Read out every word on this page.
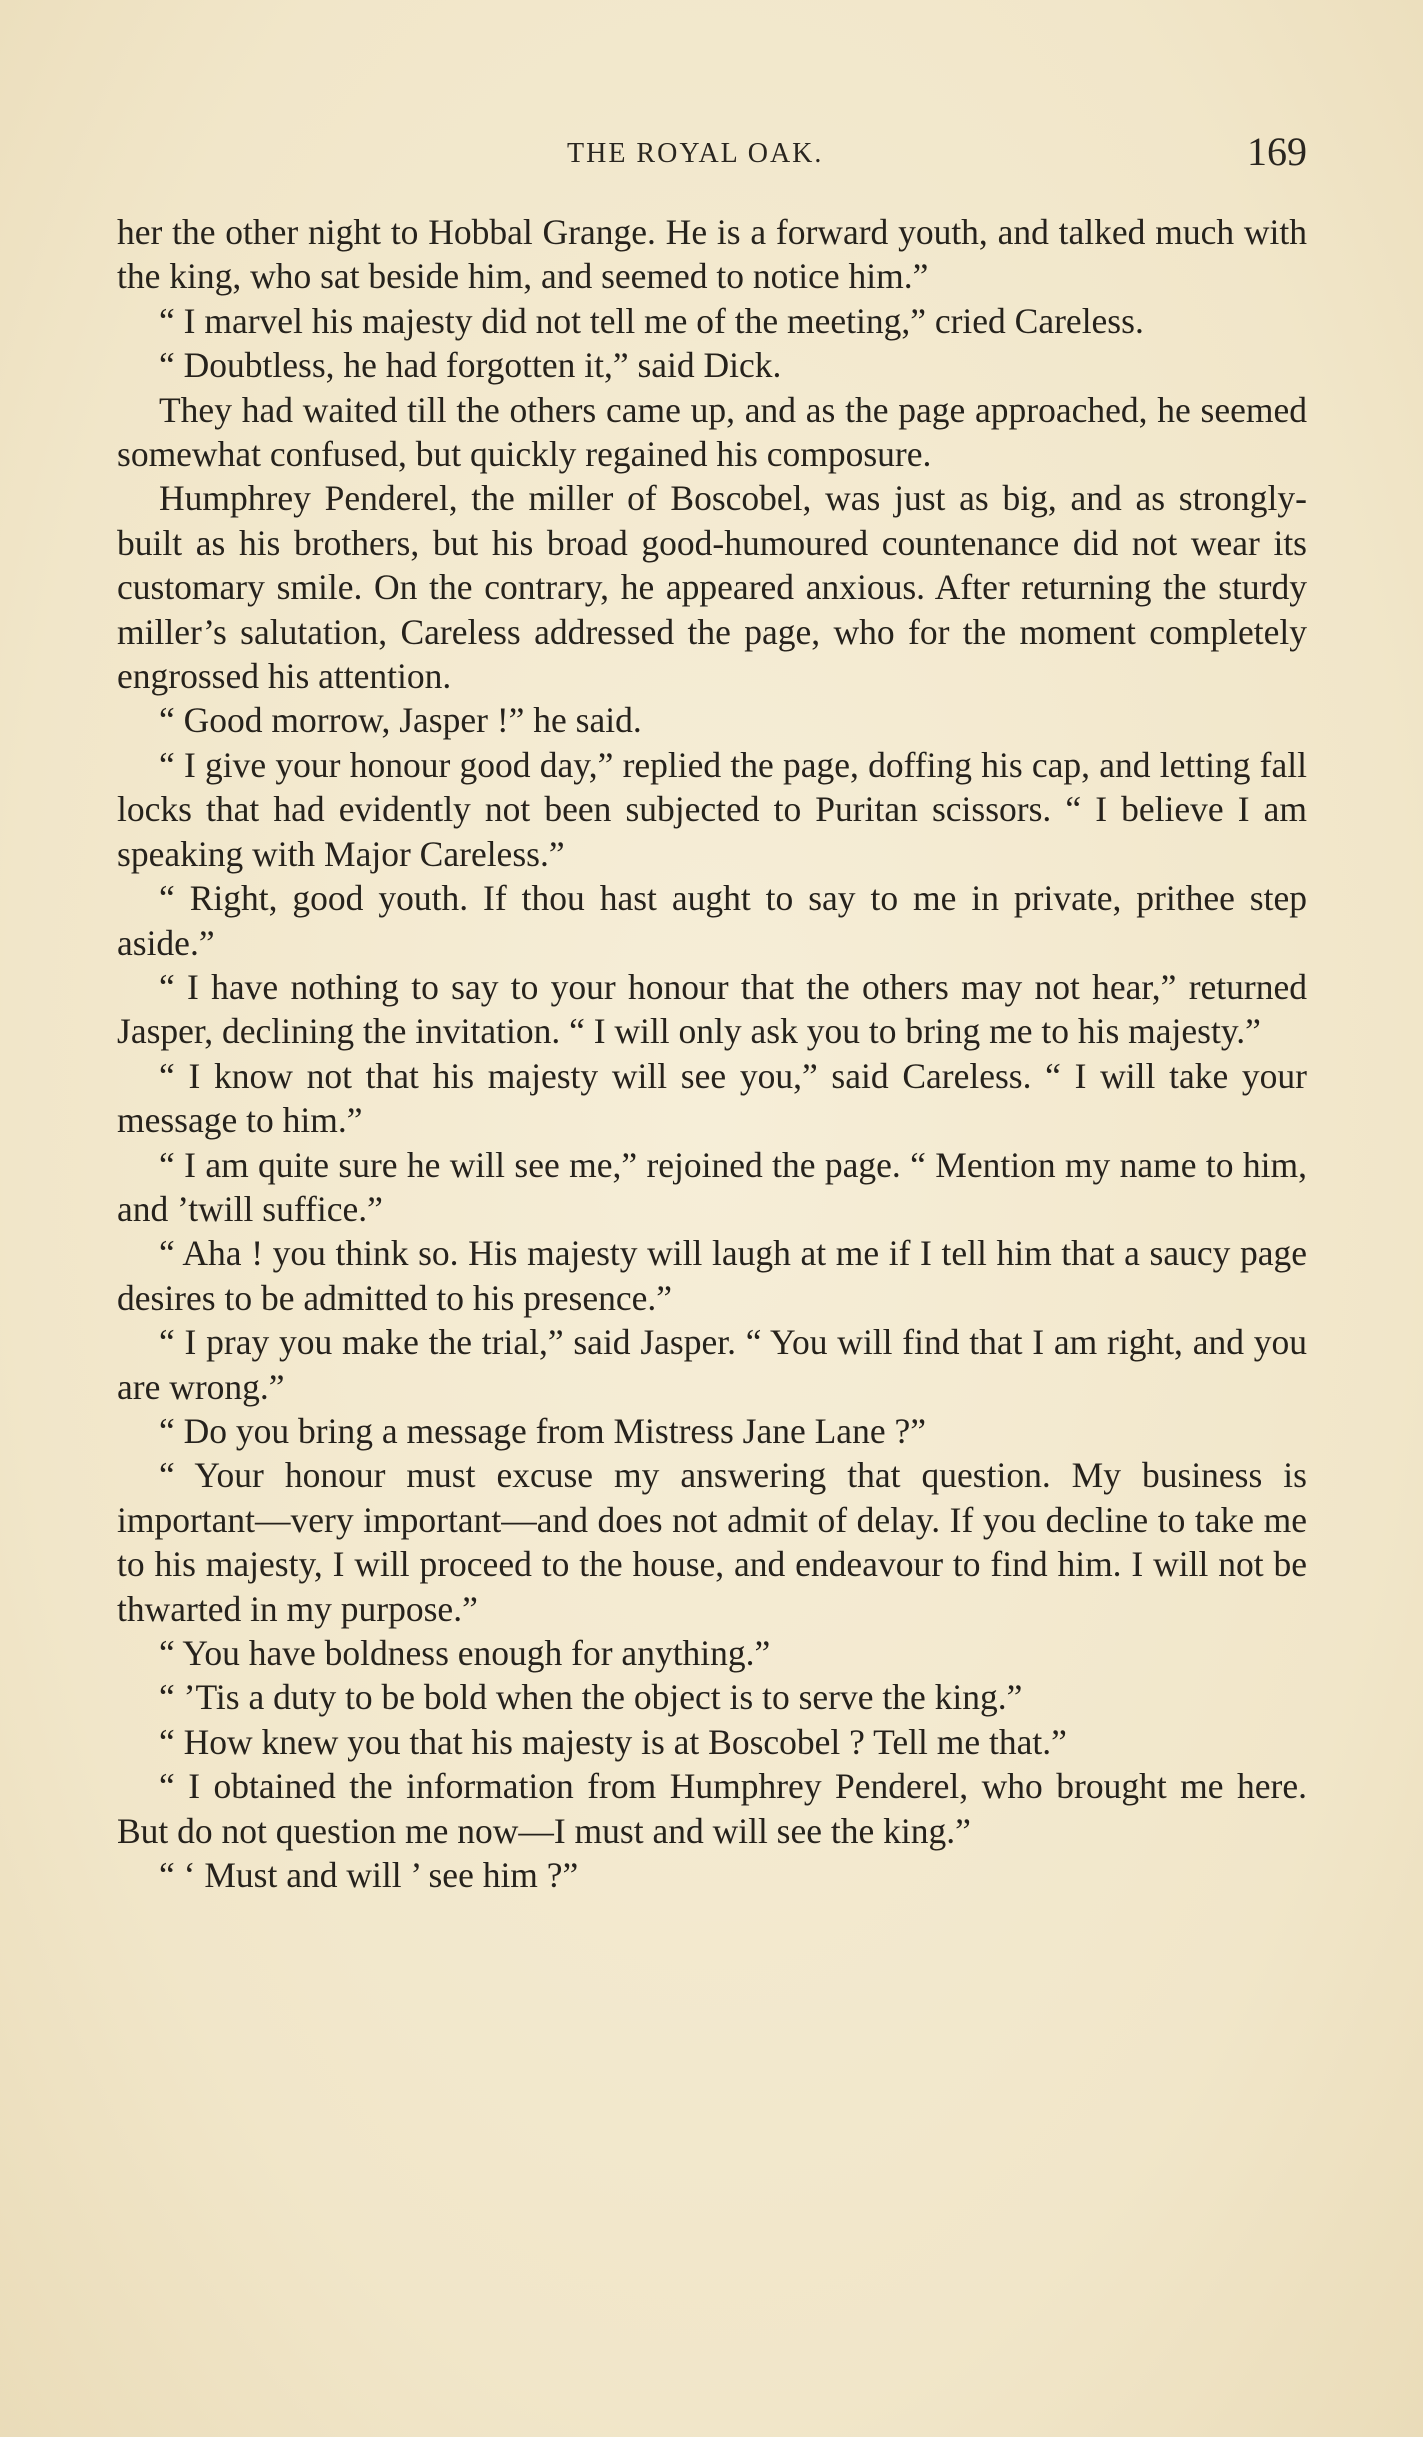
THE ROYAL OAK.	169

her the other night to Hobbal Grange. He is a forward youth, and talked much with the king, who sat beside him, and seemed to notice him.”

“ I marvel his majesty did not tell me of the meeting,” cried Careless.

“ Doubtless, he had forgotten it,” said Dick.

They had waited till the others came up, and as the page approached, he seemed somewhat confused, but quickly regained his composure.

Humphrey Penderel, the miller of Boscobel, was just as big, and as strongly-built as his brothers, but his broad good-humoured countenance did not wear its customary smile. On the contrary, he appeared anxious. After returning the sturdy miller’s salutation, Careless addressed the page, who for the moment completely engrossed his attention.

“ Good morrow, Jasper !” he said.

“ I give your honour good day,” replied the page, doffing his cap, and letting fall locks that had evidently not been subjected to Puritan scissors. “ I believe I am speaking with Major Careless.”

“ Right, good youth. If thou hast aught to say to me in private, prithee step aside.”

“ I have nothing to say to your honour that the others may not hear,” returned Jasper, declining the invitation. “ I will only ask you to bring me to his majesty.”

“ I know not that his majesty will see you,” said Careless. “ I will take your message to him.”

“ I am quite sure he will see me,” rejoined the page. “ Mention my name to him, and ’twill suffice.”

“ Aha ! you think so. His majesty will laugh at me if I tell him that a saucy page desires to be admitted to his presence.”

“ I pray you make the trial,” said Jasper. “ You will find that I am right, and you are wrong.”

“ Do you bring a message from Mistress Jane Lane ?”

“ Your honour must excuse my answering that question. My business is important—very important—and does not admit of delay. If you decline to take me to his majesty, I will proceed to the house, and endeavour to find him. I will not be thwarted in my purpose.”

“ You have boldness enough for anything.”

“ ’Tis a duty to be bold when the object is to serve the king.”

“ How knew you that his majesty is at Boscobel ? Tell me that.”

“ I obtained the information from Humphrey Penderel, who brought me here. But do not question me now—I must and will see the king.”

“ ‘ Must and will ’ see him ?”
